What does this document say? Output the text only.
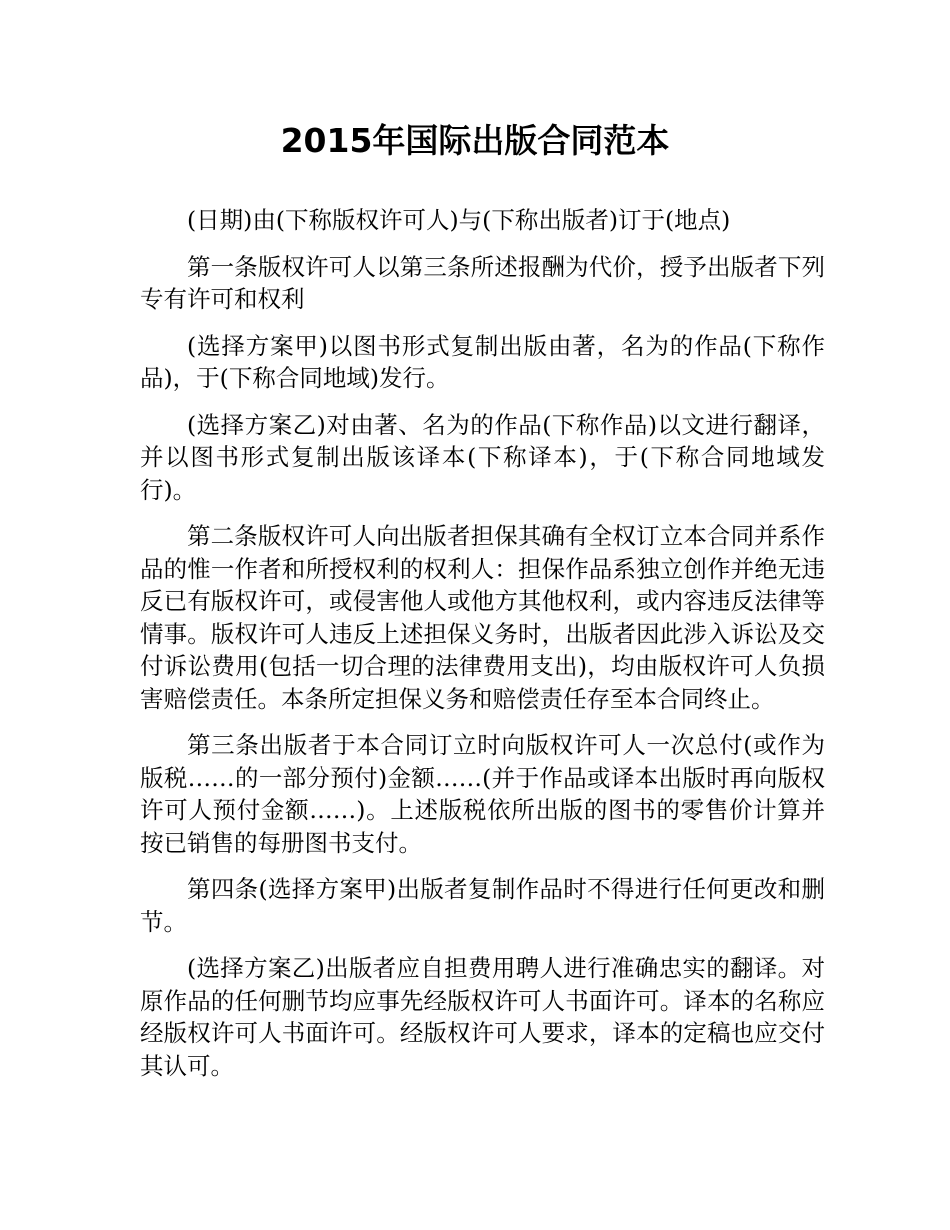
2015年国际出版合同范本

(日期)由(下称版权许可人)与(下称出版者)订于(地点)

第一条版权许可人以第三条所述报酬为代价，授予出版者下列专有许可和权利

(选择方案甲)以图书形式复制出版由著，名为的作品(下称作品)，于(下称合同地域)发行。

(选择方案乙)对由著、名为的作品(下称作品)以文进行翻译，并以图书形式复制出版该译本(下称译本)，于(下称合同地域发行)。

第二条版权许可人向出版者担保其确有全权订立本合同并系作品的惟一作者和所授权利的权利人：担保作品系独立创作并绝无违反已有版权许可，或侵害他人或他方其他权利，或内容违反法律等情事。版权许可人违反上述担保义务时，出版者因此涉入诉讼及交付诉讼费用(包括一切合理的法律费用支出)，均由版权许可人负损害赔偿责任。本条所定担保义务和赔偿责任存至本合同终止。

第三条出版者于本合同订立时向版权许可人一次总付(或作为版税……的一部分预付)金额……(并于作品或译本出版时再向版权许可人预付金额……)。上述版税依所出版的图书的零售价计算并按已销售的每册图书支付。

第四条(选择方案甲)出版者复制作品时不得进行任何更改和删节。

(选择方案乙)出版者应自担费用聘人进行准确忠实的翻译。对原作品的任何删节均应事先经版权许可人书面许可。译本的名称应经版权许可人书面许可。经版权许可人要求，译本的定稿也应交付其认可。
